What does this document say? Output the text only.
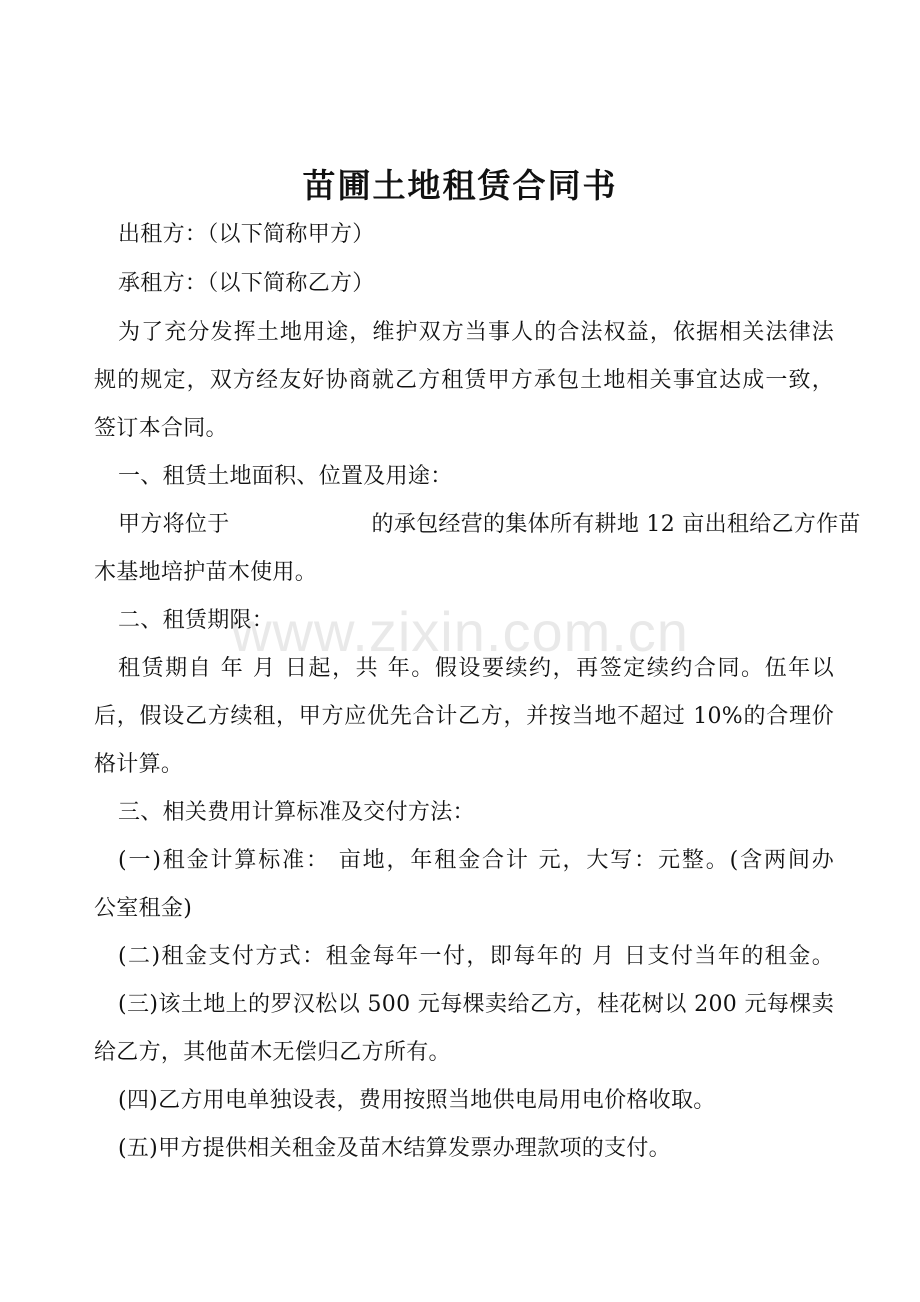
苗圃土地租赁合同书
出租方：（以下简称甲方）
承租方：（以下简称乙方）
为了充分发挥土地用途，维护双方当事人的合法权益，依据相关法律法
规的规定，双方经友好协商就乙方租赁甲方承包土地相关事宜达成一致，
签订本合同。
一、租赁土地面积、位置及用途：
甲方将位于	的承包经营的集体所有耕地 12 亩出租给乙方作苗
木基地培护苗木使用。
二、租赁期限：
租赁期自 年 月 日起，共 年。假设要续约，再签定续约合同。伍年以
后，假设乙方续租，甲方应优先合计乙方，并按当地不超过 10%的合理价
格计算。
三、相关费用计算标准及交付方法：
(一)租金计算标准： 亩地，年租金合计 元，大写：元整。(含两间办
公室租金)
(二)租金支付方式：租金每年一付，即每年的 月 日支付当年的租金。
(三)该土地上的罗汉松以 500 元每棵卖给乙方，桂花树以 200 元每棵卖
给乙方，其他苗木无偿归乙方所有。
(四)乙方用电单独设表，费用按照当地供电局用电价格收取。
(五)甲方提供相关租金及苗木结算发票办理款项的支付。
www.zixin.com.cn
